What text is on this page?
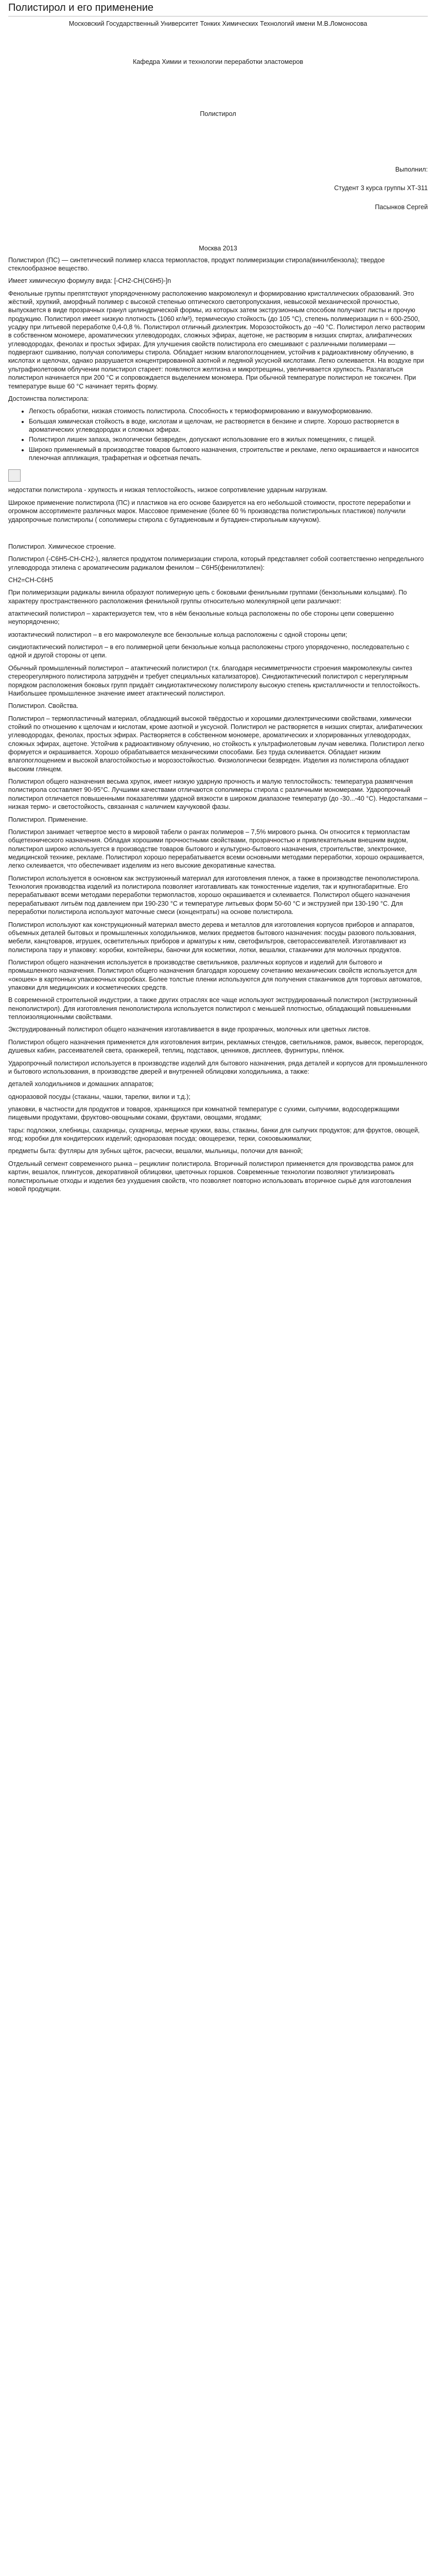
Полистирол и его применение

Московский Государственный Университет Тонких Химических Технологий имени М.В.Ломоносова

Кафедра Химии и технологии переработки эластомеров

Полистирол

Выполнил:

Студент 3 курса группы ХТ-311

Пасынков Сергей

Москва 2013

Полистирол (ПС) — синтетический полимер класса термопластов, продукт полимеризации стирола(винилбензола); твердое стеклообразное вещество.

Имеет химическую формулу вида: [-CH2-CH(C6H5)-]n

Фенольные группы препятствуют упорядоченному расположению макромолекул и формированию кристаллических образований. Это жёсткий, хрупкий, аморфный полимер с высокой степенью оптического светопропускания, невысокой механической прочностью, выпускается в виде прозрачных гранул цилиндрической формы, из которых затем экструзионным способом получают листы и прочую продукцию. Полистирол имеет низкую плотность (1060 кг/м³), термическую стойкость (до 105 °С), степень полимеризации n = 600-2500, усадку при литьевой переработке 0,4-0,8 %. Полистирол отличный диэлектрик. Морозостойкость до −40 °С. Полистирол легко растворим в собственном мономере, ароматических углеводородах, сложных эфирах, ацетоне, не растворим в низших спиртах, алифатических углеводородах, фенолах и простых эфирах. Для улучшения свойств полистирола его смешивают с различными полимерами — подвергают сшиванию, получая сополимеры стирола. Обладает низким влагопоглощением, устойчив к радиоактивному облучению, в кислотах и щелочах, однако разрушается концентрированной азотной и ледяной уксусной кислотами. Легко склеивается. На воздухе при ультрафиолетовом облучении полистирол стареет: появляются желтизна и микротрещины, увеличивается хрупкость. Разлагаться полистирол начинается при 200 °С и сопровождается выделением мономера. При обычной температуре полистирол не токсичен. При температуре выше 60 °С начинает терять форму.

Достоинства полистирола:

• Легкость обработки, низкая стоимость полистирола. Способность к термоформированию и вакуумоформованию.
• Большая химическая стойкость в воде, кислотам и щелочам, не растворяется в бензине и спирте. Хорошо растворяется в ароматических углеводородах и сложных эфирах.
• Полистирол лишен запаха, экологически безвреден, допускают использование его в жилых помещениях, с пищей.
• Широко применяемый в производстве товаров бытового назначения, строительстве и рекламе, легко окрашивается и наносится пленочная аппликация, трафаретная и офсетная печать.

недостатки полистирола - хрупкость и низкая теплостойкость, низкое сопротивление ударным нагрузкам.

Широкое применение полистирола (ПС) и пластиков на его основе базируется на его небольшой стоимости, простоте переработки и огромном ассортименте различных марок. Массовое применение (более 60 % производства полистирольных пластиков) получили ударопрочные полистиролы ( сополимеры стирола с бутадиеновым и бутадиен-стирольным каучуком).

Полистирол. Химическое строение.

Полистирол (-C6H5-CH-CH2-), является продуктом полимеризации стирола, который представляет собой соответственно непредельного углеводорода этилена с ароматическим радикалом фенилом – C6H5(фенилэтилен):

CH2=CH-C6H5

При полимеризации радикалы винила образуют полимерную цепь с боковыми фенильными группами (бензольными кольцами). По характеру пространственного расположения фенильной группы относительно молекулярной цепи различают:

атактический полистирол – характеризуется тем, что в нём бензольные кольца расположены по обе стороны цепи совершенно неупорядоченно;

изотактический полистирол – в его макромолекуле все бензольные кольца расположены с одной стороны цепи;

синдиотактический полистирол – в его полимерной цепи бензольные кольца расположены строго упорядоченно, последовательно с одной и другой стороны от цепи.

Обычный промышленный полистирол – атактический полистирол (т.к. благодаря несимметричности строения макромолекулы синтез стереорегулярного полистирола затруднён и требует специальных катализаторов). Синдиотактический полистирол с нерегулярным порядком расположения боковых групп придаёт синдиотактическому полистиролу высокую степень кристалличности и теплостойкость. Наибольшее промышленное значение имеет атактический полистирол.

Полистирол. Свойства.

Полистирол – термопластичный материал, обладающий высокой твёрдостью и хорошими диэлектрическими свойствами, химически стойкий по отношению к щелочам и кислотам, кроме азотной и уксусной. Полистирол не растворяется в низших спиртах, алифатических углеводородах, фенолах, простых эфирах. Растворяется в собственном мономере, ароматических и хлорированных углеводородах, сложных эфирах, ацетоне. Устойчив к радиоактивному облучению, но стойкость к ультрафиолетовым лучам невелика. Полистирол легко формуется и окрашивается. Хорошо обрабатывается механическими способами. Без труда склеивается. Обладает низким влагопоглощением и высокой влагостойкостью и морозостойкостью. Физиологически безвреден. Изделия из полистирола обладают высоким глянцем.

Полистирол общего назначения весьма хрупок, имеет низкую ударную прочность и малую теплостойкость: температура размягчения полистирола составляет 90-95°С. Лучшими качествами отличаются сополимеры стирола с различными мономерами. Ударопрочный полистирол отличается повышенными показателями ударной вязкости в широком диапазоне температур (до -30...-40 °С). Недостатками – низкая термо- и светостойкость, связанная с наличием каучуковой фазы.

Полистирол. Применение.

Полистирол занимает четвертое место в мировой табели о рангах полимеров – 7,5% мирового рынка. Он относится к термопластам общетехнического назначения. Обладая хорошими прочностными свойствами, прозрачностью и привлекательным внешним видом, полистирол широко используется в производстве товаров бытового и культурно-бытового назначения, строительстве, электронике, медицинской технике, рекламе. Полистирол хорошо перерабатывается всеми основными методами переработки, хорошо окрашивается, легко склеивается, что обеспечивает изделиям из него высокие декоративные качества.

Полистирол используется в основном как экструзионный материал для изготовления пленок, а также в производстве пенополистирола. Технология производства изделий из полистирола позволяет изготавливать как тонкостенные изделия, так и крупногабаритные. Его перерабатывают всеми методами переработки термопластов, хорошо окрашивается и склеивается. Полистирол общего назначения перерабатывают литьём под давлением при 190-230 °С и температуре литьевых форм 50-60 °С и экструзией при 130-190 °С. Для переработки полистирола используют маточные смеси (концентраты) на основе полистирола.

Полистирол используют как конструкционный материал вместо дерева и металлов для изготовления корпусов приборов и аппаратов, объемных деталей бытовых и промышленных холодильников, мелких предметов бытового назначения: посуды разового пользования, мебели, канцтоваров, игрушек, осветительных приборов и арматуры к ним, светофильтров, светорассеивателей. Изготавливают из полистирола тару и упаковку: коробки, контейнеры, баночки для косметики, лотки, вешалки, стаканчики для молочных продуктов.

Полистирол общего назначения используется в производстве светильников, различных корпусов и изделий для бытового и промышленного назначения. Полистирол общего назначения благодаря хорошему сочетанию механических свойств используется для «окошек» в картонных упаковочных коробках. Более толстые пленки используются для получения стаканчиков для торговых автоматов, упаковки для медицинских и косметических средств.

В современной строительной индустрии, а также других отраслях все чаще используют экструдированный полистирол (экструзионный пенополистирол). Для изготовления пенополистирола используется полистирол с меньшей плотностью, обладающий повышенными теплоизоляционными свойствами.

Экструдированный полистирол общего назначения изготавливается в виде прозрачных, молочных или цветных листов.

Полистирол общего назначения применяется для изготовления витрин, рекламных стендов, светильников, рамок, вывесок, перегородок, душевых кабин, рассеивателей света, оранжерей, теплиц, подставок, ценников, дисплеев, фурнитуры, плёнок.

Ударопрочный полистирол используется в производстве изделий для бытового назначения, ряда деталей и корпусов для промышленного и бытового использования, в производстве дверей и внутренней облицовки холодильника, а также:

деталей холодильников и домашних аппаратов;

одноразовой посуды (стаканы, чашки, тарелки, вилки и т.д.);

упаковки, в частности для продуктов и товаров, хранящихся при комнатной температуре с сухими, сыпучими, водосодержащими пищевыми продуктами, фруктово-овощными соками, фруктами, овощами, ягодами;

тары: подложки, хлебницы, сахарницы, сухарницы, мерные кружки, вазы, стаканы, банки для сыпучих продуктов; для фруктов, овощей, ягод; коробки для кондитерских изделий; одноразовая посуда; овощерезки, терки, сокоовыжималки;

предметы быта: футляры для зубных щёток, расчески, вешалки, мыльницы, полочки для ванной;

Отдельный сегмент современного рынка – рециклинг полистирола. Вторичный полистирол применяется для производства рамок для картин, вешалок, плинтусов, декоративной облицовки, цветочных горшков. Современные технологии позволяют утилизировать полистирольные отходы и изделия без ухудшения свойств, что позволяет повторно использовать вторичное сырьё для изготовления новой продукции.
